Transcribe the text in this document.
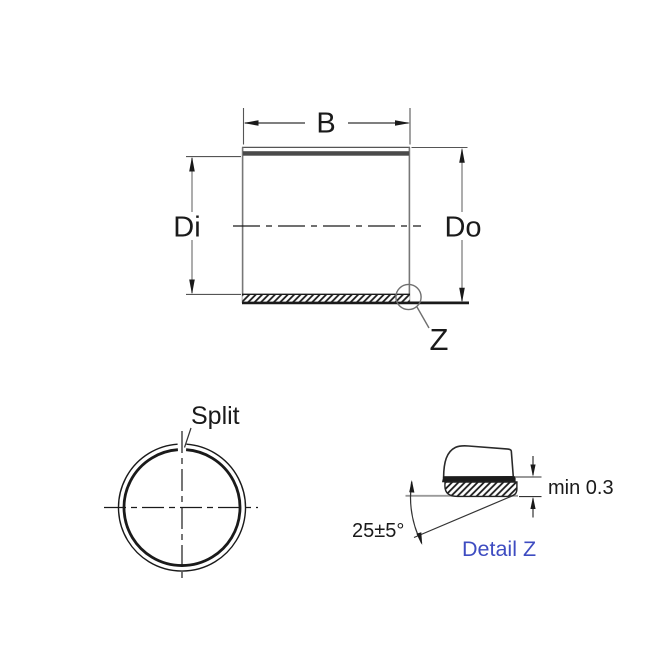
B
Di	Do
Z
Split
min 0.3
25±5°
Detail Z
